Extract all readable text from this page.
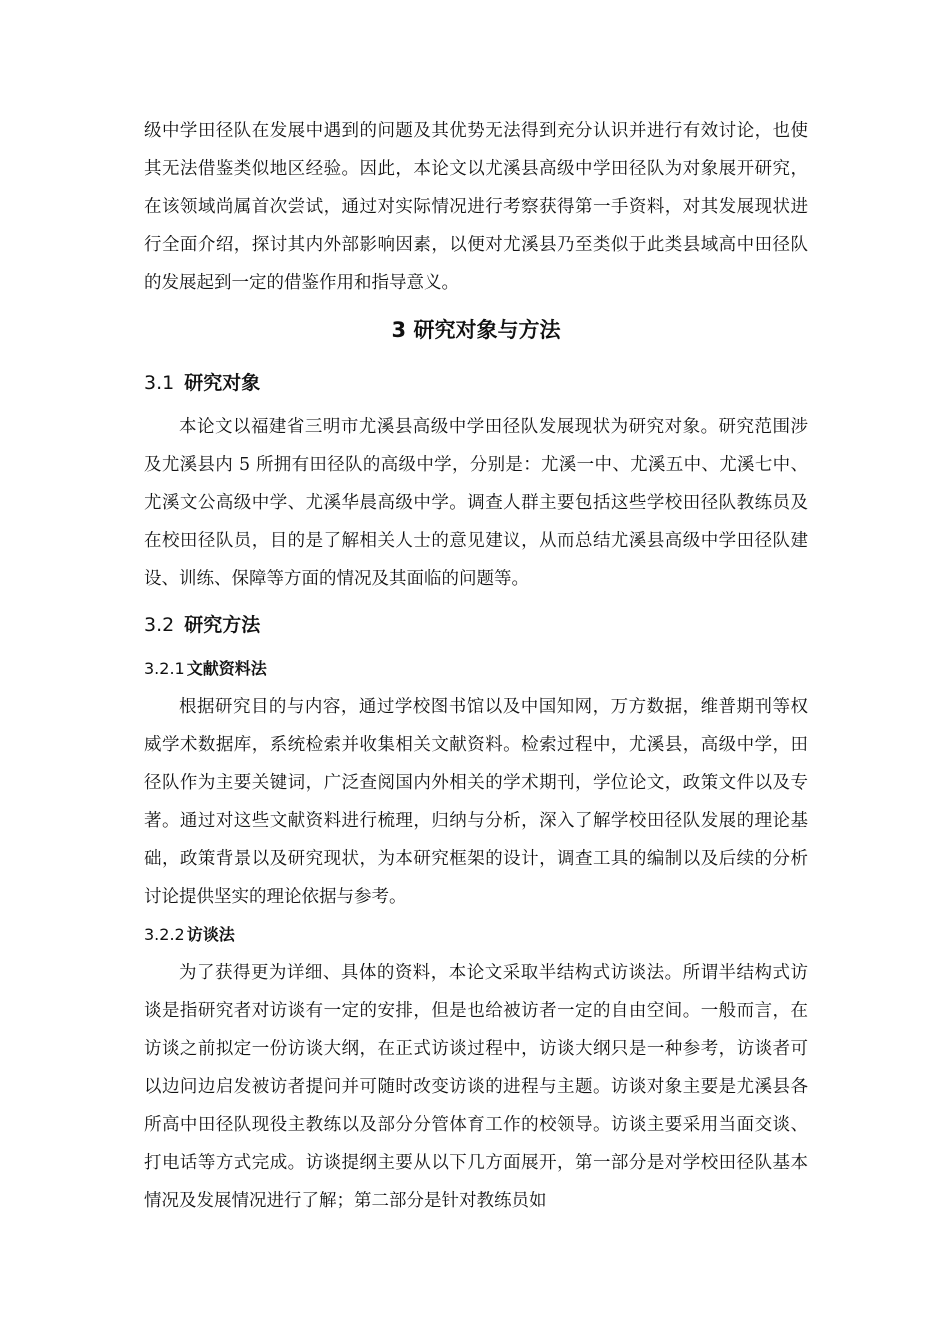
级中学田径队在发展中遇到的问题及其优势无法得到充分认识并进行有效讨论，也使其无法借鉴类似地区经验。因此，本论文以尤溪县高级中学田径队为对象展开研究，在该领域尚属首次尝试，通过对实际情况进行考察获得第一手资料，对其发展现状进行全面介绍，探讨其内外部影响因素，以便对尤溪县乃至类似于此类县域高中田径队的发展起到一定的借鉴作用和指导意义。

3 研究对象与方法
3.1 研究对象

本论文以福建省三明市尤溪县高级中学田径队发展现状为研究对象。研究范围涉及尤溪县内 5 所拥有田径队的高级中学，分别是：尤溪一中、尤溪五中、尤溪七中、尤溪文公高级中学、尤溪华晨高级中学。调查人群主要包括这些学校田径队教练员及在校田径队员，目的是了解相关人士的意见建议，从而总结尤溪县高级中学田径队建设、训练、保障等方面的情况及其面临的问题等。

3.2 研究方法
3.2.1 文献资料法

根据研究目的与内容，通过学校图书馆以及中国知网，万方数据，维普期刊等权威学术数据库，系统检索并收集相关文献资料。检索过程中，尤溪县，高级中学，田径队作为主要关键词，广泛查阅国内外相关的学术期刊，学位论文，政策文件以及专著。通过对这些文献资料进行梳理，归纳与分析，深入了解学校田径队发展的理论基础，政策背景以及研究现状，为本研究框架的设计，调查工具的编制以及后续的分析讨论提供坚实的理论依据与参考。

3.2.2 访谈法

为了获得更为详细、具体的资料，本论文采取半结构式访谈法。所谓半结构式访谈是指研究者对访谈有一定的安排，但是也给被访者一定的自由空间。一般而言，在访谈之前拟定一份访谈大纲，在正式访谈过程中，访谈大纲只是一种参考，访谈者可以边问边启发被访者提问并可随时改变访谈的进程与主题。访谈对象主要是尤溪县各所高中田径队现役主教练以及部分分管体育工作的校领导。访谈主要采用当面交谈、打电话等方式完成。访谈提纲主要从以下几方面展开，第一部分是对学校田径队基本情况及发展情况进行了解；第二部分是针对教练员如
